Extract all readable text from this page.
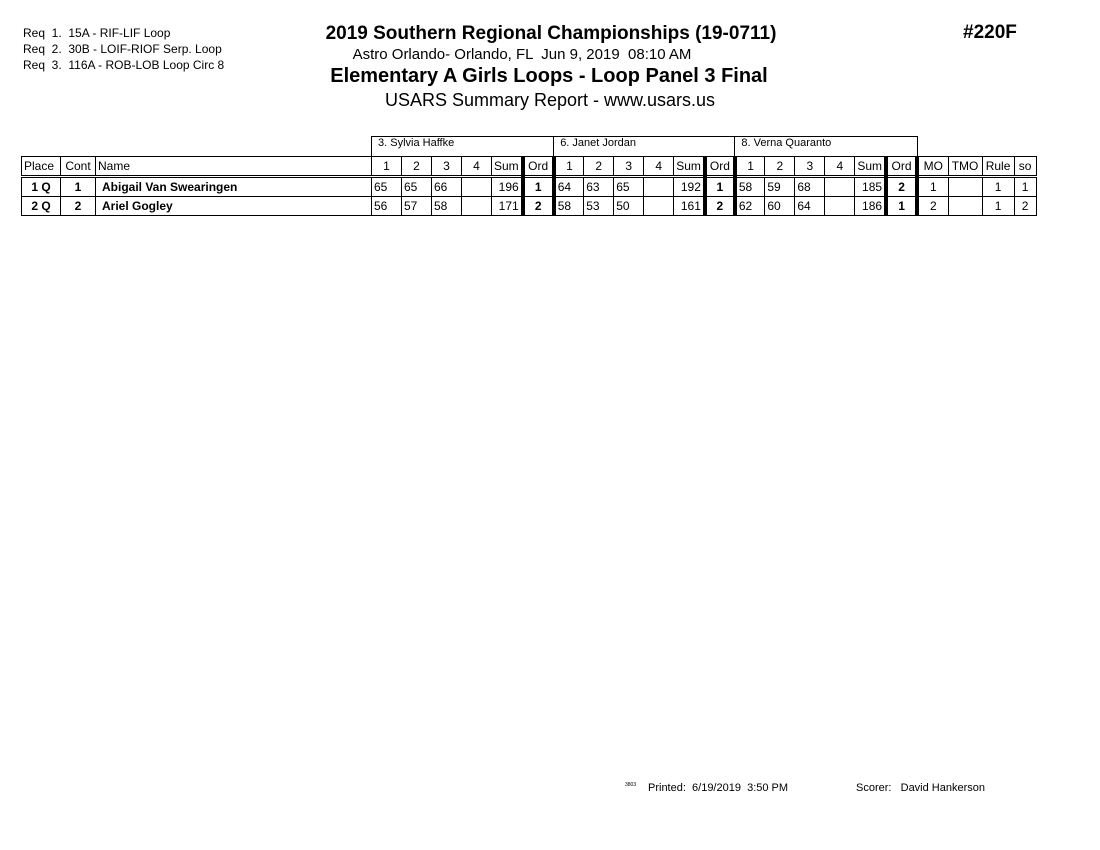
Req  1.  15A - RIF-LIF Loop
Req  2.  30B - LOIF-RIOF Serp. Loop
Req  3.  116A - ROB-LOB Loop Circ 8
2019 Southern Regional Championships (19-0711)
Astro Orlando- Orlando, FL  Jun 9, 2019  08:10 AM
Elementary A Girls Loops - Loop Panel 3 Final
USARS Summary Report - www.usars.us
#220F
			3. Sylvia Haffke						6. Janet Jordan						8. Verna Quaranto									
Place	Cont	Name	1	2	3	4	Sum	Ord	1	2	3	4	Sum	Ord	1	2	3	4	Sum	Ord	MO	TMO	Rule	so
1 Q	1	Abigail Van Swearingen	65	65	66		196	1	64	63	65		192	1	58	59	68		185	2	1		1	1
2 Q	2	Ariel Gogley	56	57	58		171	2	58	53	50		161	2	62	60	64		186	1	2		1	2
3803 Printed:  6/19/2019  3:50 PM	Scorer:   David Hankerson
